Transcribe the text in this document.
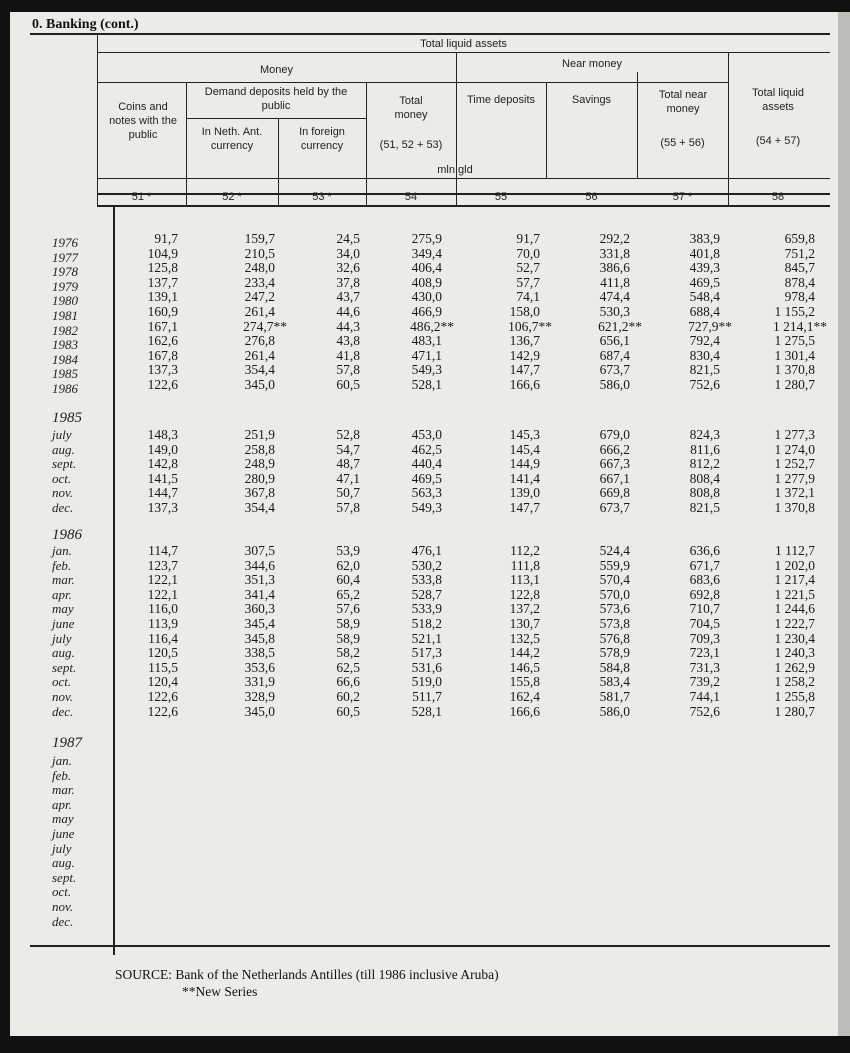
0. Banking (cont.)
Total liquid assets
Money	Near money
Coins and notes with the public
Demand deposits held by the public
In Neth. Ant. currency
In foreign currency
Total money
(51, 52 + 53)
Time deposits	Savings	Total near money
(55 + 56)
Total liquid assets
(54 + 57)
mln gld
51 *	52 *	53 *	54	55	56	57 *	58
1976	91,7	159,7	24,5	275,9	91,7	292,2	383,9	659,8
1977	104,9	210,5	34,0	349,4	70,0	331,8	401,8	751,2
1978	125,8	248,0	32,6	406,4	52,7	386,6	439,3	845,7
1979	137,7	233,4	37,8	408,9	57,7	411,8	469,5	878,4
1980	139,1	247,2	43,7	430,0	74,1	474,4	548,4	978,4
1981	160,9	261,4	44,6	466,9	158,0	530,3	688,4	1 155,2
1982	167,1	274,7**	44,3	486,2**	106,7**	621,2**	727,9**	1 214,1**
1983	162,6	276,8	43,8	483,1	136,7	656,1	792,4	1 275,5
1984	167,8	261,4	41,8	471,1	142,9	687,4	830,4	1 301,4
1985	137,3	354,4	57,8	549,3	147,7	673,7	821,5	1 370,8
1986	122,6	345,0	60,5	528,1	166,6	586,0	752,6	1 280,7
1985
july	148,3	251,9	52,8	453,0	145,3	679,0	824,3	1 277,3
aug.	149,0	258,8	54,7	462,5	145,4	666,2	811,6	1 274,0
sept.	142,8	248,9	48,7	440,4	144,9	667,3	812,2	1 252,7
oct.	141,5	280,9	47,1	469,5	141,4	667,1	808,4	1 277,9
nov.	144,7	367,8	50,7	563,3	139,0	669,8	808,8	1 372,1
dec.	137,3	354,4	57,8	549,3	147,7	673,7	821,5	1 370,8
1986
jan.	114,7	307,5	53,9	476,1	112,2	524,4	636,6	1 112,7
feb.	123,7	344,6	62,0	530,2	111,8	559,9	671,7	1 202,0
mar.	122,1	351,3	60,4	533,8	113,1	570,4	683,6	1 217,4
apr.	122,1	341,4	65,2	528,7	122,8	570,0	692,8	1 221,5
may	116,0	360,3	57,6	533,9	137,2	573,6	710,7	1 244,6
june	113,9	345,4	58,9	518,2	130,7	573,8	704,5	1 222,7
july	116,4	345,8	58,9	521,1	132,5	576,8	709,3	1 230,4
aug.	120,5	338,5	58,2	517,3	144,2	578,9	723,1	1 240,3
sept.	115,5	353,6	62,5	531,6	146,5	584,8	731,3	1 262,9
oct.	120,4	331,9	66,6	519,0	155,8	583,4	739,2	1 258,2
nov.	122,6	328,9	60,2	511,7	162,4	581,7	744,1	1 255,8
dec.	122,6	345,0	60,5	528,1	166,6	586,0	752,6	1 280,7
1987
jan.
feb.
mar.
apr.
may
june
july
aug.
sept.
oct.
nov.
dec.
SOURCE: Bank of the Netherlands Antilles (till 1986 inclusive Aruba)
**New Series
